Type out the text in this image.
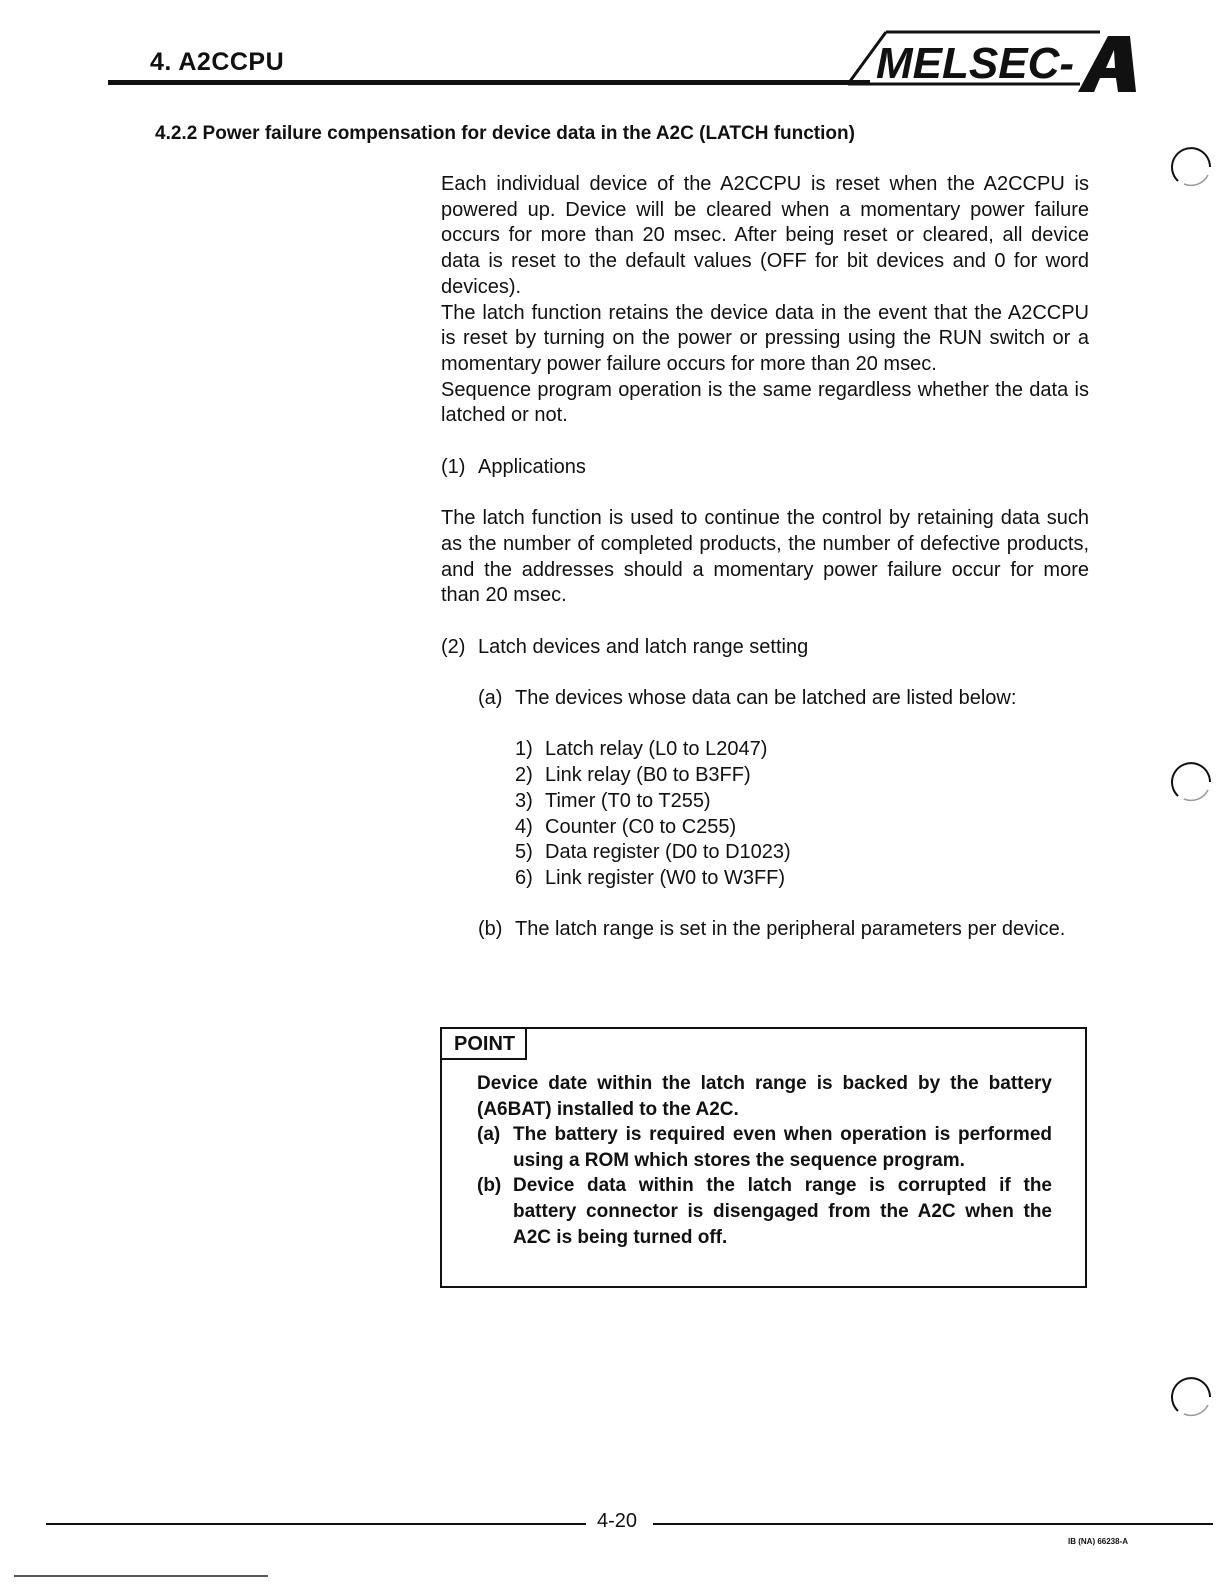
4. A2CCPU	MELSEC-
4.2.2 Power failure compensation for device data in the A2C (LATCH function)

Each individual device of the A2CCPU is reset when the A2CCPU is powered up. Device will be cleared when a momentary power failure occurs for more than 20 msec. After being reset or cleared, all device data is reset to the default values (OFF for bit devices and 0 for word devices).

The latch function retains the device data in the event that the A2CCPU is reset by turning on the power or pressing using the RUN switch or a momentary power failure occurs for more than 20 msec.

Sequence program operation is the same regardless whether the data is latched or not.

(1) Applications

The latch function is used to continue the control by retaining data such as the number of completed products, the number of defective products, and the addresses should a momentary power failure occur for more than 20 msec.

(2) Latch devices and latch range setting
(a) The devices whose data can be latched are listed below:
1) Latch relay (L0 to L2047)
2) Link relay (B0 to B3FF)
3) Timer (T0 to T255)
4) Counter (C0 to C255)
5) Data register (D0 to D1023)
6) Link register (W0 to W3FF)
(b) The latch range is set in the peripheral parameters per device.
POINT

Device date within the latch range is backed by the battery (A6BAT) installed to the A2C.

(a) The battery is required even when operation is performed using a ROM which stores the sequence program.
(b) Device data within the latch range is corrupted if the battery connector is disengaged from the A2C when the A2C is being turned off.
4-20
IB (NA) 66238-A
